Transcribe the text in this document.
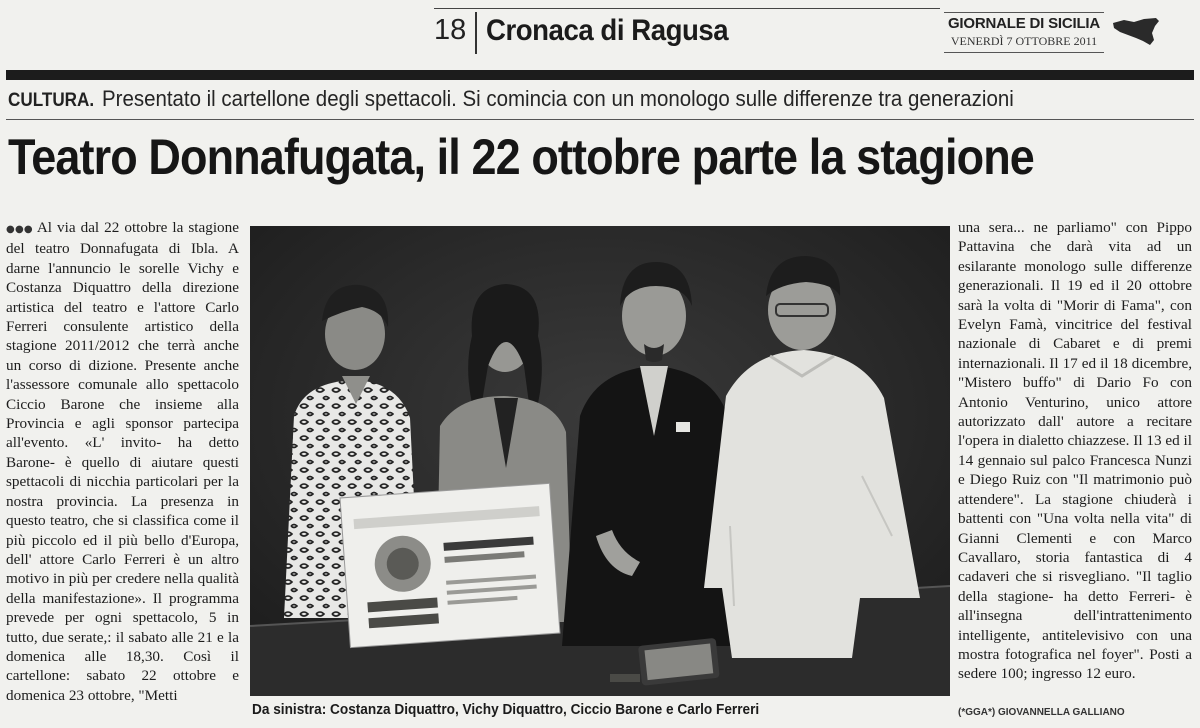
18 Cronaca di Ragusa	GIORNALE DI SICILIA
VENERDÌ 7 OTTOBRE 2011
CULTURA. Presentato il cartellone degli spettacoli. Si comincia con un monologo sulle differenze tra generazioni
Teatro Donnafugata, il 22 ottobre parte la stagione
●●● Al via dal 22 ottobre la stagione del teatro Donnafugata di Ibla. A darne l'annuncio le sorelle Vichy e Costanza Diquattro della direzione artistica del teatro e l'attore Carlo Ferreri consulente artistico della stagione 2011/2012 che terrà anche un corso di dizione. Presente anche l'assessore comunale allo spettacolo Ciccio Barone che insieme alla Provincia e agli sponsor partecipa all'evento. «L' invito- ha detto Barone- è quello di aiutare questi spettacoli di nicchia particolari per la nostra provincia. La presenza in questo teatro, che si classifica come il più piccolo ed il più bello d'Europa, dell' attore Carlo Ferreri è un altro motivo in più per credere nella qualità della manifestazione». Il programma prevede per ogni spettacolo, 5 in tutto, due serate,: il sabato alle 21 e la domenica alle 18,30. Così il cartellone: sabato 22 ottobre e domenica 23 ottobre, "Metti
Da sinistra: Costanza Diquattro, Vichy Diquattro, Ciccio Barone e Carlo Ferreri
una sera... ne parliamo" con Pippo Pattavina che darà vita ad un esilarante monologo sulle differenze generazionali. Il 19 ed il 20 ottobre sarà la volta di "Morir di Fama", con Evelyn Famà, vincitrice del festival nazionale di Cabaret e di premi internazionali. Il 17 ed il 18 dicembre, "Mistero buffo" di Dario Fo con Antonio Venturino, unico attore autorizzato dall' autore a recitare l'opera in dialetto chiazzese. Il 13 ed il 14 gennaio sul palco Francesca Nunzi e Diego Ruiz con "Il matrimonio può attendere". La stagione chiuderà i battenti con "Una volta nella vita" di Gianni Clementi e con Marco Cavallaro, storia fantastica di 4 cadaveri che si risvegliano. "Il taglio della stagione- ha detto Ferreri- è all'insegna dell'intrattenimento intelligente, antitelevisivo con una mostra fotografica nel foyer". Posti a sedere 100; ingresso 12 euro.
(*GGA*) GIOVANNELLA GALLIANO
